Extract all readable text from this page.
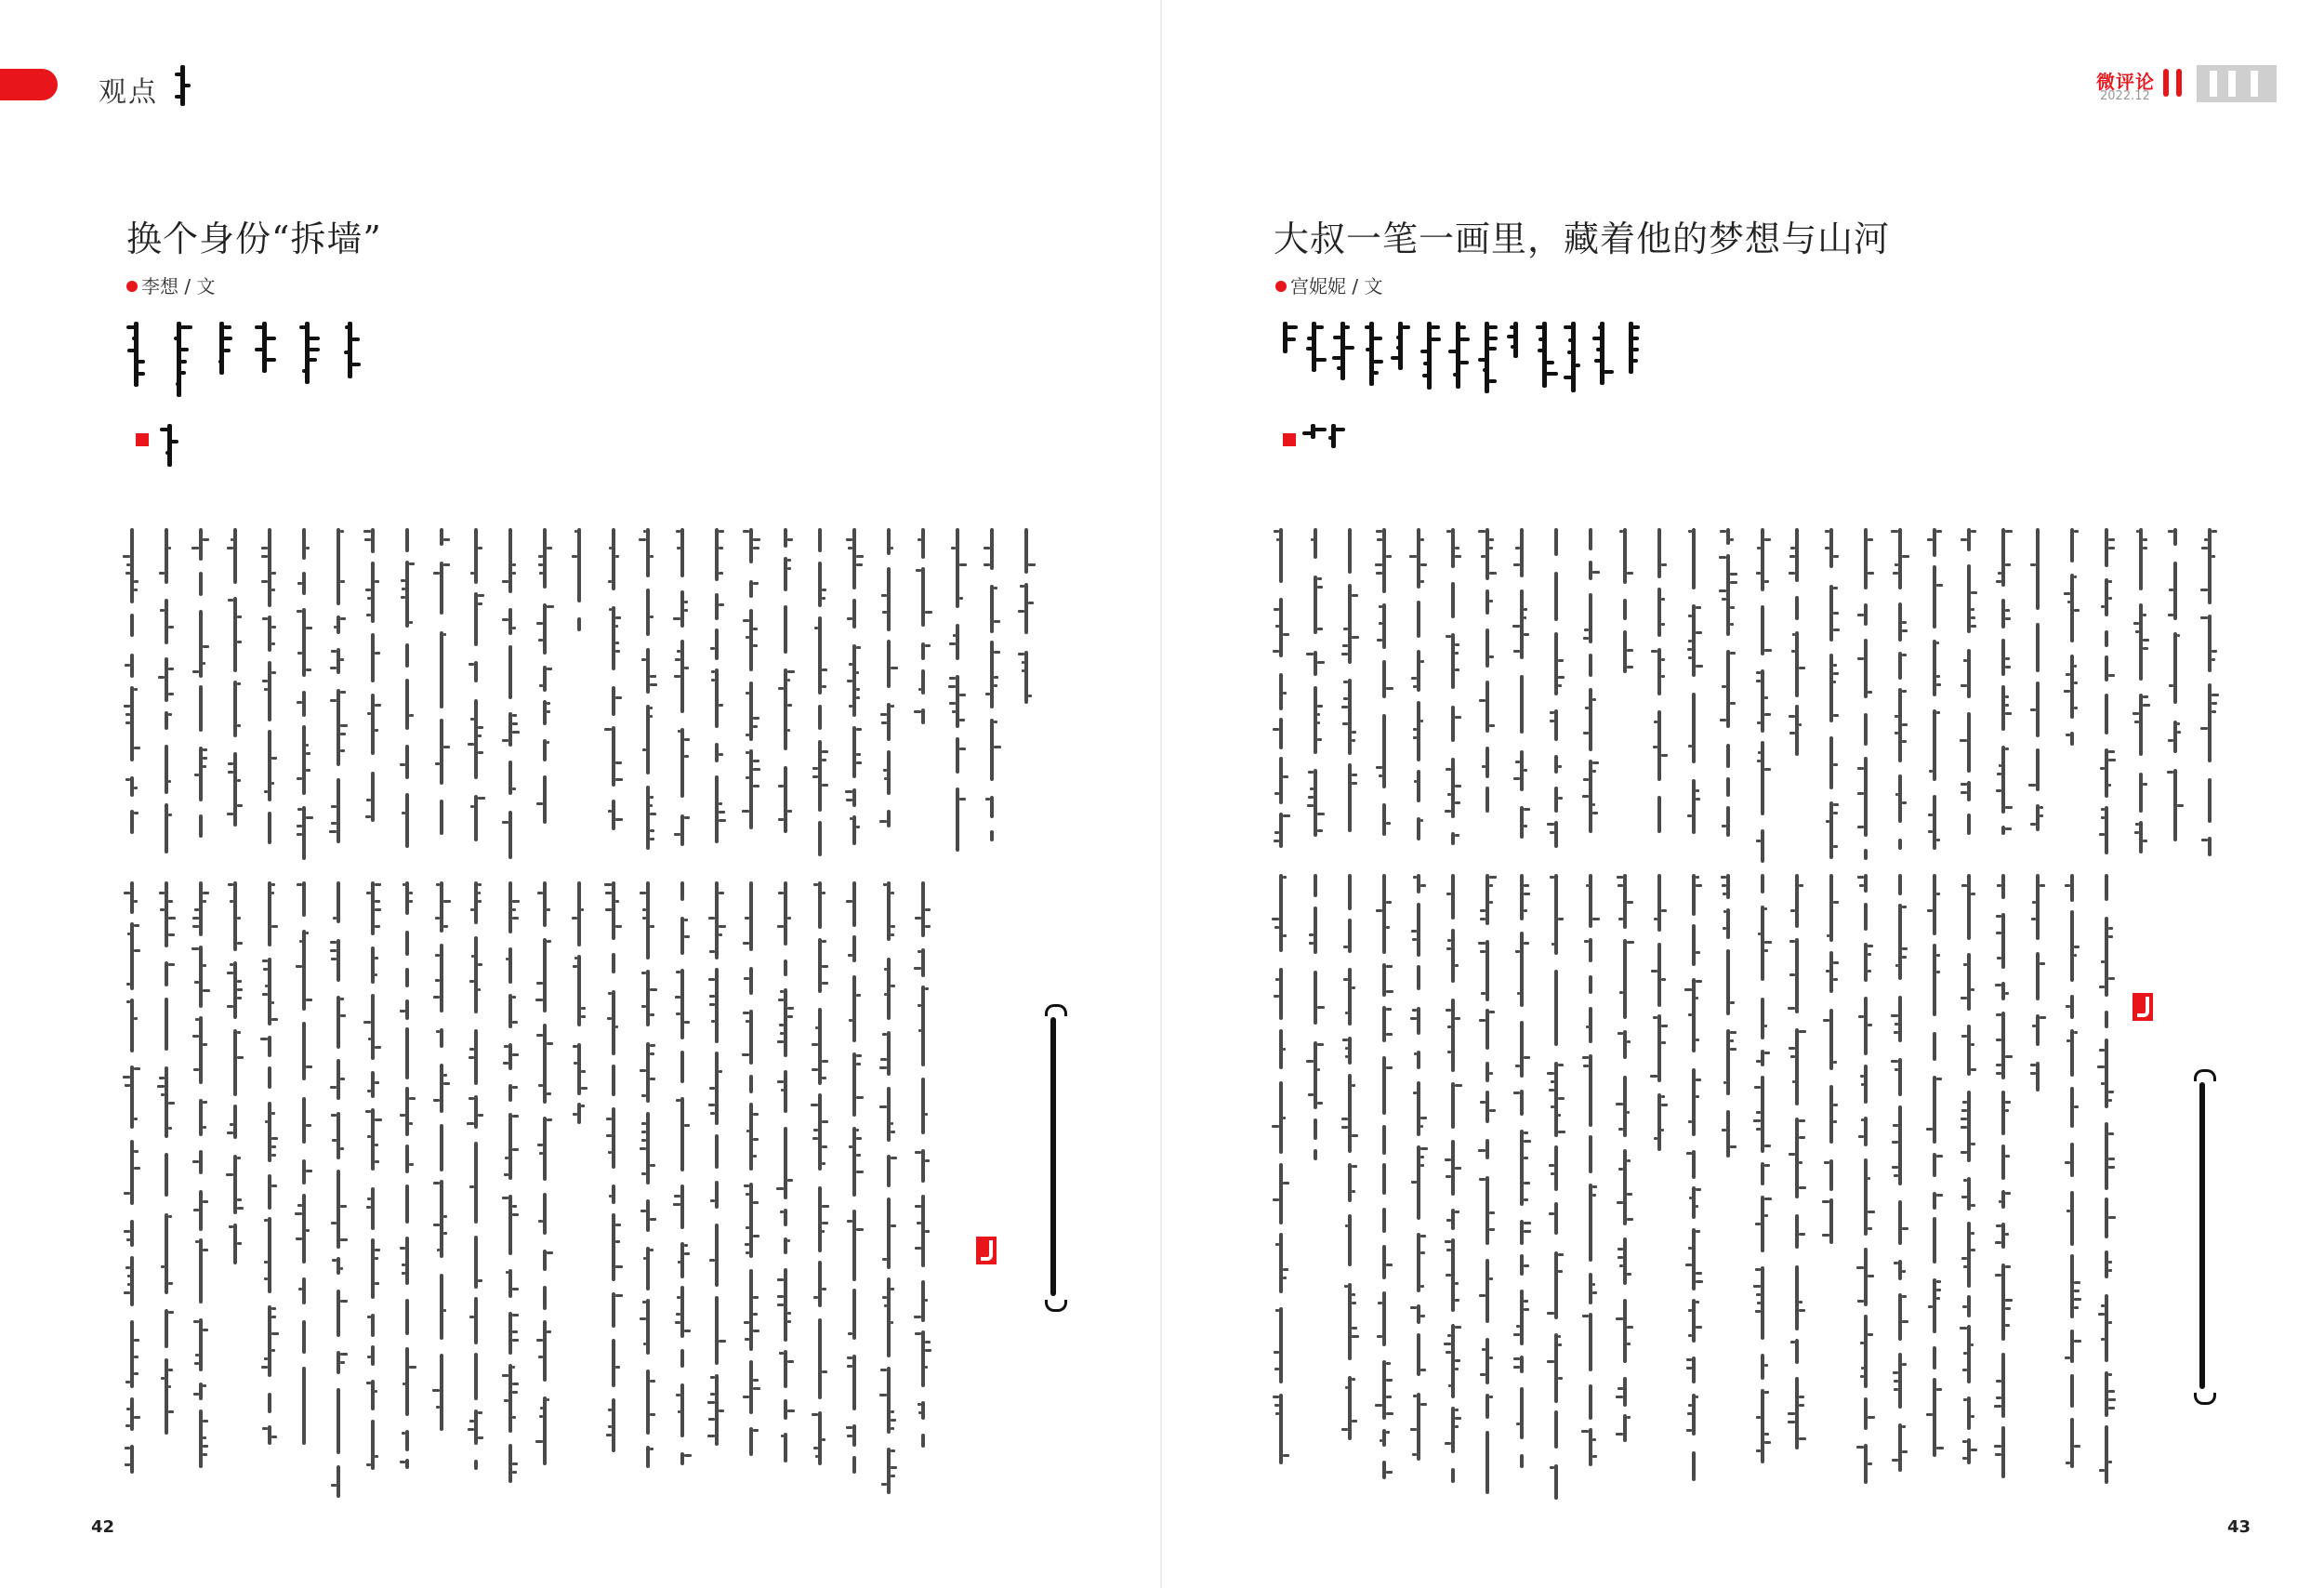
观点
换个身份“拆墙”
李想 / 文
42
微评论
2022.12
大叔一笔一画里，藏着他的梦想与山河
宫妮妮 / 文
43
